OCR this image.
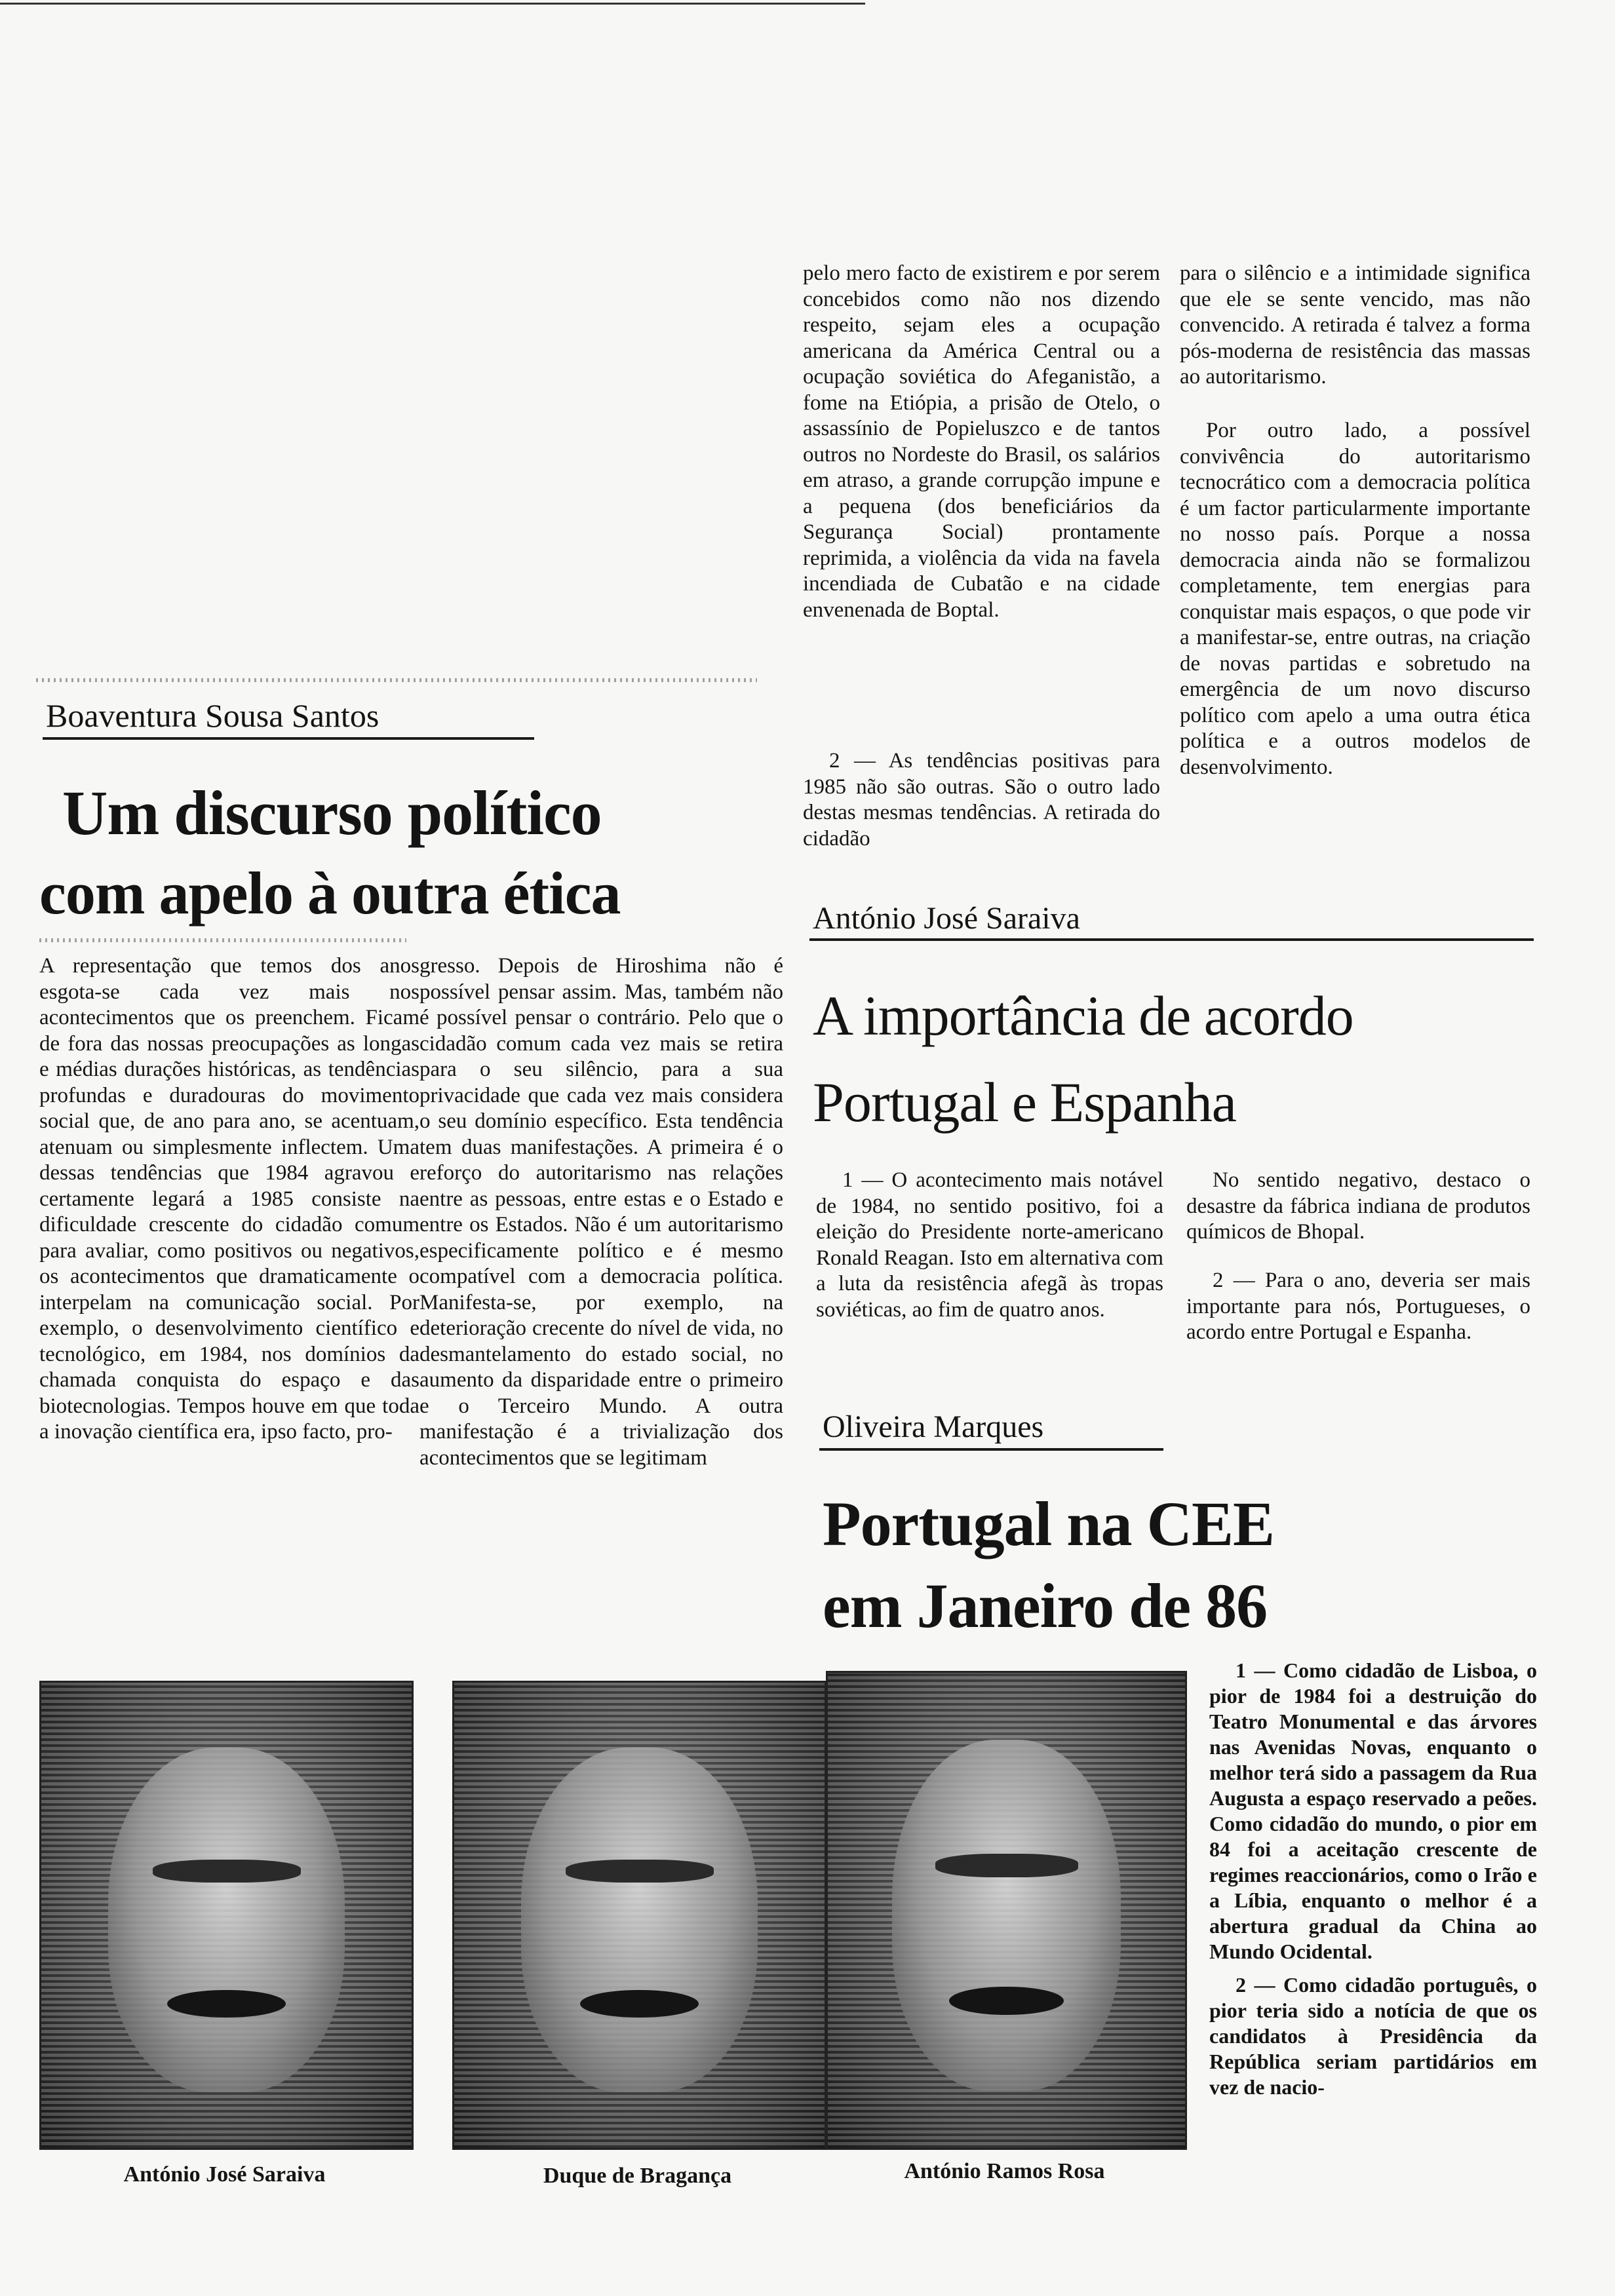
Boaventura Sousa Santos
Um discurso político
com apelo à outra ética

A representação que temos dos anos esgota-se cada vez mais nos acontecimentos que os preenchem. Ficam de fora das nossas preocupações as longas e médias durações históricas, as tendências profundas e duradouras do movimento social que, de ano para ano, se acentuam, atenuam ou simplesmente inflectem. Uma dessas tendências que 1984 agravou e certamente legará a 1985 consiste na dificuldade crescente do cidadão comum para avaliar, como positivos ou negativos, os acontecimentos que dramaticamente o interpelam na comunicação social. Por exemplo, o desenvolvimento científico e tecnológico, em 1984, nos domínios da chamada conquista do espaço e das biotecnologias. Tempos houve em que toda a inovação científica era, ipso facto, pro-

gresso. Depois de Hiroshima não é possível pensar assim. Mas, também não é possível pensar o contrário. Pelo que o cidadão comum cada vez mais se retira para o seu silêncio, para a sua privacidade que cada vez mais considera o seu domínio específico. Esta tendência tem duas manifestações. A primeira é o reforço do autoritarismo nas relações entre as pessoas, entre estas e o Estado e entre os Estados. Não é um autoritarismo especificamente político e é mesmo compatível com a democracia política. Manifesta-se, por exemplo, na deterioração crecente do nível de vida, no desmantelamento do estado social, no aumento da disparidade entre o primeiro e o Terceiro Mundo. A outra manifestação é a trivialização dos acontecimentos que se legitimam

pelo mero facto de existirem e por serem concebidos como não nos dizendo respeito, sejam eles a ocupação americana da América Central ou a ocupação soviética do Afeganistão, a fome na Etiópia, a prisão de Otelo, o assassínio de Popieluszco e de tantos outros no Nordeste do Brasil, os salários em atraso, a grande corrupção impune e a pequena (dos beneficiários da Segurança Social) prontamente reprimida, a violência da vida na favela incendiada de Cubatão e na cidade envenenada de Boptal.

2 — As tendências positivas para 1985 não são outras. São o outro lado destas mesmas tendências. A retirada do cidadão

para o silêncio e a intimidade significa que ele se sente vencido, mas não convencido. A retirada é talvez a forma pós-moderna de resistência das massas ao autoritarismo.

Por outro lado, a possível convivência do autoritarismo tecnocrático com a democracia política é um factor particularmente importante no nosso país. Porque a nossa democracia ainda não se formalizou completamente, tem energias para conquistar mais espaços, o que pode vir a manifestar-se, entre outras, na criação de novas partidas e sobretudo na emergência de um novo discurso político com apelo a uma outra ética política e a outros modelos de desenvolvimento.

António José Saraiva
A importância de acordo
Portugal e Espanha

1 — O acontecimento mais notável de 1984, no sentido positivo, foi a eleição do Presidente norte-americano Ronald Reagan. Isto em alternativa com a luta da resistência afegã às tropas soviéticas, ao fim de quatro anos.

No sentido negativo, destaco o desastre da fábrica indiana de produtos químicos de Bhopal.

2 — Para o ano, deveria ser mais importante para nós, Portugueses, o acordo entre Portugal e Espanha.

Oliveira Marques
Portugal na CEE
em Janeiro de 86

1 — Como cidadão de Lisboa, o pior de 1984 foi a destruição do Teatro Monumental e das árvores nas Avenidas Novas, enquanto o melhor terá sido a passagem da Rua Augusta a espaço reservado a peões. Como cidadão do mundo, o pior em 84 foi a aceitação crescente de regimes reaccionários, como o Irão e a Líbia, enquanto o melhor é a abertura gradual da China ao Mundo Ocidental.

2 — Como cidadão português, o pior teria sido a notícia de que os candidatos à Presidência da República seriam partidários em vez de nacio-

António José Saraiva	Duque de Bragança	António Ramos Rosa
